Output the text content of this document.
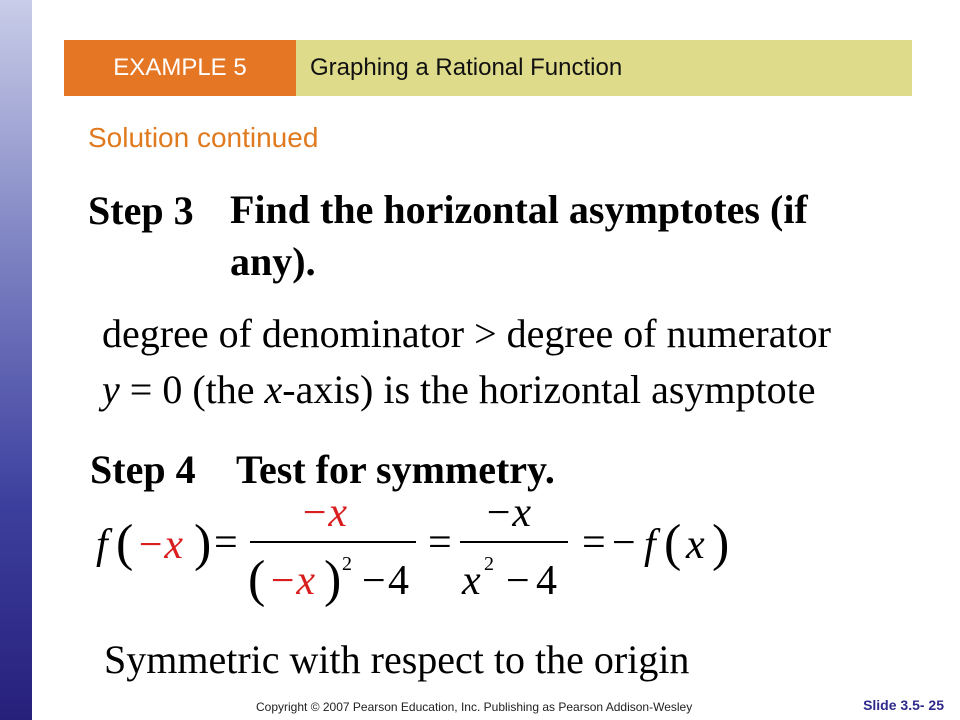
EXAMPLE 5	Graphing a Rational Function
Solution continued
Step 3 Find the horizontal asymptotes (if
any).
degree of denominator > degree of numerator
y = 0 (the x-axis) is the horizontal asymptote
Step 4 Test for symmetry.
f ( −x ) =
−x
( −x ) 2 − 4
=
−x
x 2 − 4
= − f ( x )
Symmetric with respect to the origin
Copyright © 2007 Pearson Education, Inc. Publishing as Pearson Addison-Wesley	Slide 3.5- 25
